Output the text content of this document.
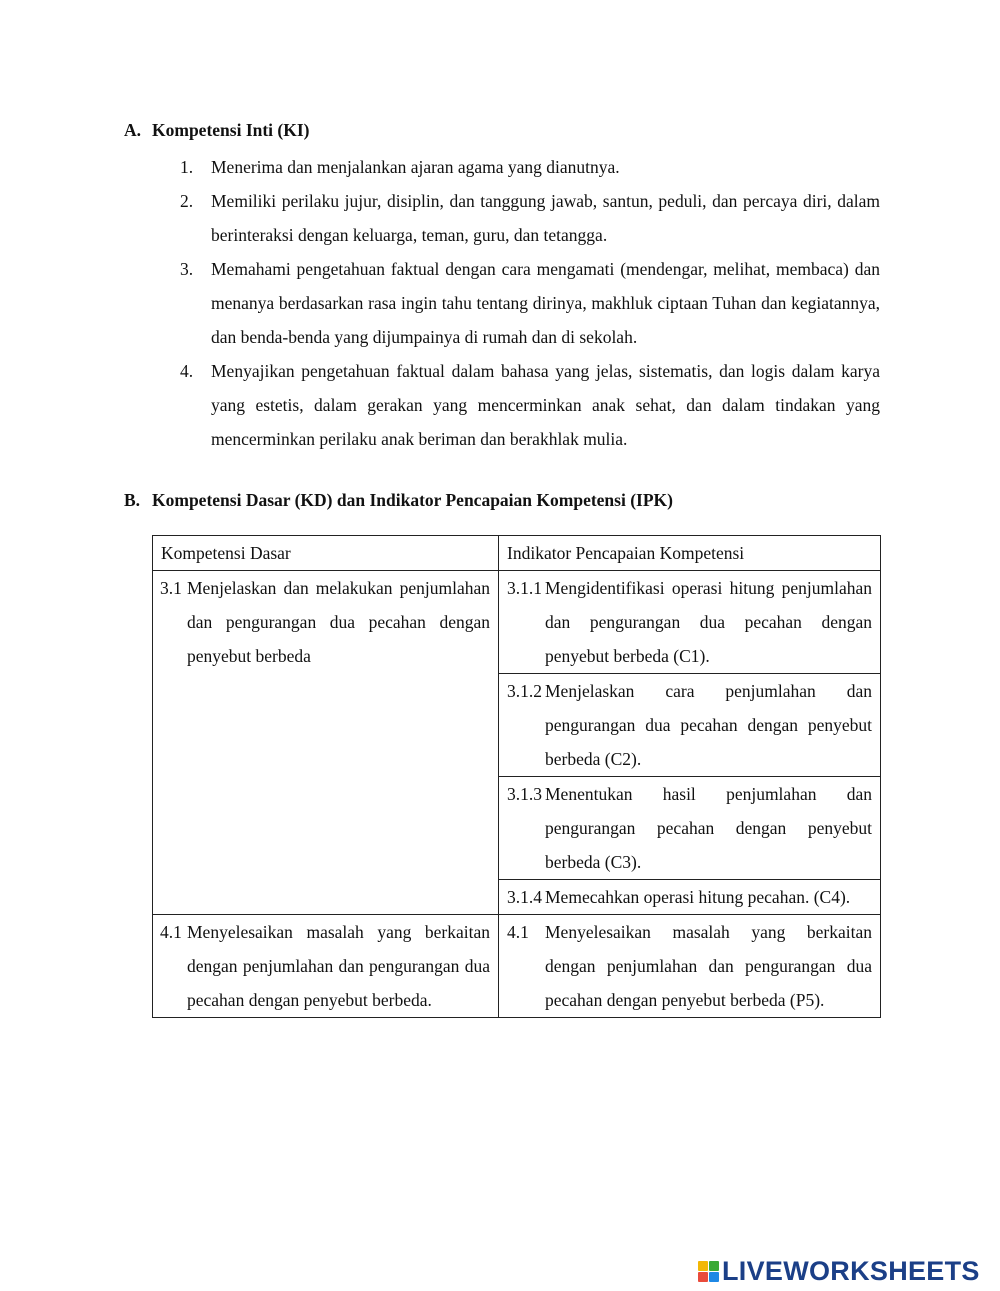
A. Kompetensi Inti (KI)
1. Menerima dan menjalankan ajaran agama yang dianutnya.
2. Memiliki perilaku jujur, disiplin, dan tanggung jawab, santun, peduli, dan percaya diri, dalam berinteraksi dengan keluarga, teman, guru, dan tetangga.
3. Memahami pengetahuan faktual dengan cara mengamati (mendengar, melihat, membaca) dan menanya berdasarkan rasa ingin tahu tentang dirinya, makhluk ciptaan Tuhan dan kegiatannya, dan benda-benda yang dijumpainya di rumah dan di sekolah.
4. Menyajikan pengetahuan faktual dalam bahasa yang jelas, sistematis, dan logis dalam karya yang estetis, dalam gerakan yang mencerminkan anak sehat, dan dalam tindakan yang mencerminkan perilaku anak beriman dan berakhlak mulia.
B. Kompetensi Dasar (KD) dan Indikator Pencapaian Kompetensi (IPK)
Kompetensi Dasar	Indikator Pencapaian Kompetensi

3.1 Menjelaskan dan melakukan penjumlahan dan pengurangan dua pecahan dengan penyebut berbeda	3.1.1 Mengidentifikasi operasi hitung penjumlahan dan pengurangan dua pecahan dengan penyebut berbeda (C1).

	3.1.2 Menjelaskan cara penjumlahan dan pengurangan dua pecahan dengan penyebut berbeda (C2).

	3.1.3 Menentukan hasil penjumlahan dan pengurangan pecahan dengan penyebut berbeda (C3).

	3.1.4 Memecahkan operasi hitung pecahan. (C4).

4.1 Menyelesaikan masalah yang berkaitan dengan penjumlahan dan pengurangan dua pecahan dengan penyebut berbeda.	4.1 Menyelesaikan masalah yang berkaitan dengan penjumlahan dan pengurangan dua pecahan dengan penyebut berbeda (P5).
LIVEWORKSHEETS
